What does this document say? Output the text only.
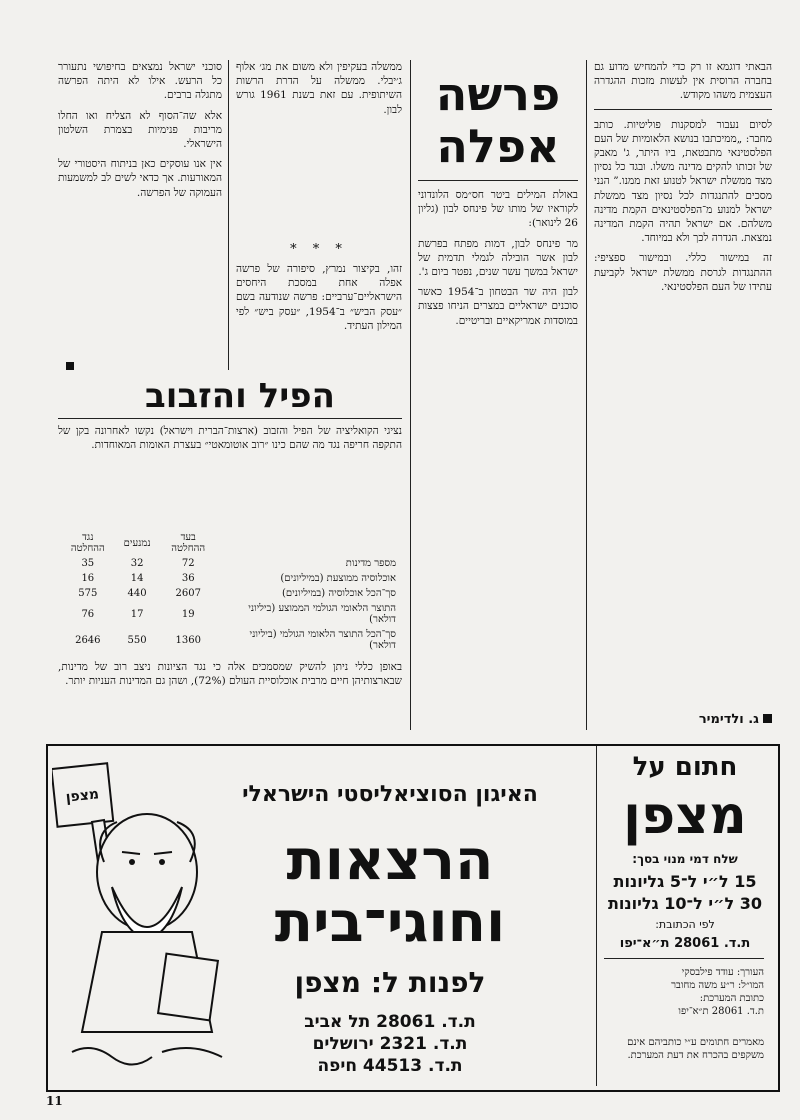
הבאתי דוגמא זו רק כדי להמחיש מדוע גם בחברה הרוסית אין לעשות מזכות ההגדרה העצמית משהו מקודש.

לסיום נעבור למסקנות פוליטיות. כותב מחבר: „ממיכתבו בנושא הלאומיות של העם הפלסטינאי מתבטאת, ביו היתר, ג' מאבק של זכותו להקים מדינה משלו. ובגד כל נסיון מצד ממשלת ישראל לטנוע זאת ממנו.” הנני מסכים להתנגדות לכל נסיון מצד ממשלת ישראל למנוע מ־הפלסטינאים הקמת מדינה משלהם. אם ישראל תהיה הקמת המדינה נמצאת. הגדרה לכך ולא במיוחד.

זה במישור כללי. ובמישור ספציפי: ההתנגדות לגרסת ממשלת ישראל לקביעת עתידו של העם הפלסטינאי.

ג. ולדימיר
פרשה
אפלה

באולת המילים ביטר חס״מס הלונדוני לקוראיו של מותו של פינחס לבון (גליון 26 לינואר):

מר פינחס לבון, דמות מפתח בפרשת לבון אשר הובילה לגמלי תדמית של ישראל במשך עשר שנים, נפטר ביום ג'.

לבון היה שר הבטחון ב־1954 כאשר סוכנים ישראליים במצרים הניחו פצצות במוסדות אמריקאיים ובריטיים.

ממשלה בעקיפין ולא משום את מג׳ אלוף ג׳יבלי. ממשלה על הדרת הרשות השיתופית. עם זאת בשנת 1961 גורש לבון.

* * *

זהו, בקיצור נמרץ, סיפורה של פרשה אפלה אחת במסכת היחסים הישראליים־ערביים: פרשה שנודעה בשם ״עסק הביש״ ב־1954, ״עסק ביש״ לפי המילון העתיד.

סוכני ישראל נמצאים בחיפושי נתעורר כל הרעש. אילו לא היתה הפרשה מתגלה ברבים.

אלא שה־הסוף לא הצליח ואו החלו מריבות פנימיות בצמרת השלטון הישראלי.

אין אנו עוסקים כאן בניתוח היסטורי של המאורעות. אך כדאי לשים לב למשמעות העמוקה של הפרשה.

הפיל והזבוב

נציגי הקואליציה של הפיל והזבוב (ארצות־הברית וישראל) נקשו לאחרונה בקן של התקפה חריפה נגד מה שהם כינו ״רוב אוטומאטי״ בעצרת האומות המאוחדות.

	בעד ההחלטה	נמנעים	נגד ההחלטה
מספר מדינות	72	32	35
אוכלוסיה ממוצעת (במיליונים)	36	14	16
סך־הכל אוכלוסיה (במיליונים)	2607	440	575
התוצר הלאומי הגולמי הממוצע (ביליוני דולאר)	19	17	76
סך־הכל התוצר הלאומי הגולמי (ביליוני דולאר)	1360	550	2646

באופן כללי ניתן להשיק שמסמכים אלה כי נגד הציונות ניצב רוב של מדינות, שבארצותיהן חיים מרבית אוכלוסיית העולם (72%), ושהן גם המדינות העניות יותר.

חתום על
מצפן
שלח דמי מנוי בסך:
15 ל״י ל־5 גליונות
30 ל״י ל־10 גליונות
לפי הכתובת:
ת.ד. 28061 ת״א־יפו
העורך: עודד פילבסקי
המו״ל: ר״ע משה מחובר
כתובת המערכת:
ת.ד. 28061 ת״א־יפו
מאמרים חתומים ע״י כותביהם אינם משקפים בהכרח את דעת המערכת.
האיגון הסוציאליסטי הישראלי
הרצאות
וחוגי־בית
לפנות ל: מצפן
ת.ד. 28061 תל אביב
ת.ד. 2321 ירושלים
ת.ד. 44513 חיפה
מצפן
11
